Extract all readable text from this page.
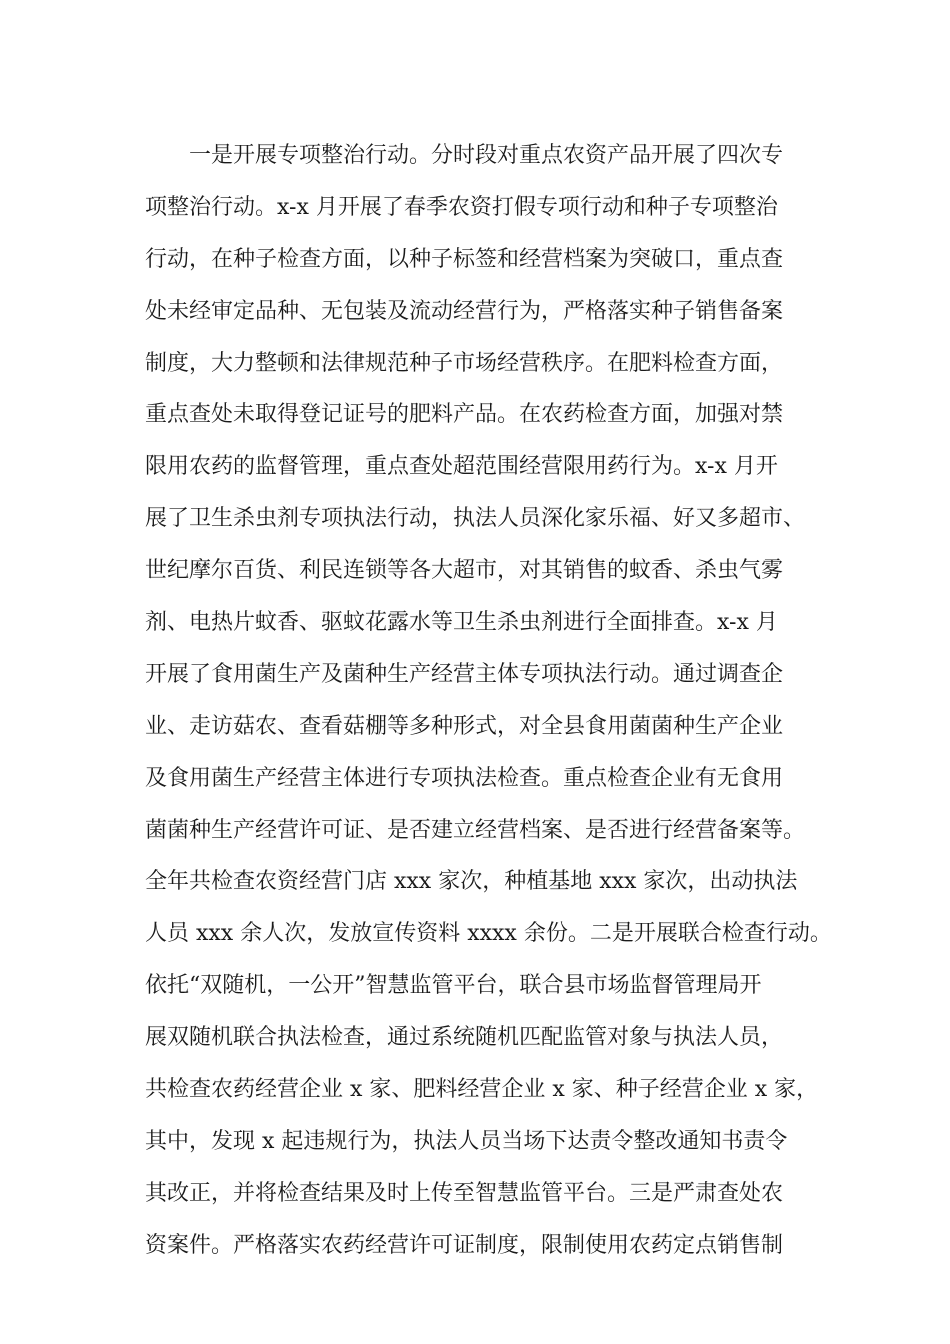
一是开展专项整治行动。分时段对重点农资产品开展了四次专
项整治行动。x-x 月开展了春季农资打假专项行动和种子专项整治
行动，在种子检查方面，以种子标签和经营档案为突破口，重点查
处未经审定品种、无包装及流动经营行为，严格落实种子销售备案
制度，大力整顿和法律规范种子市场经营秩序。在肥料检查方面，
重点查处未取得登记证号的肥料产品。在农药检查方面，加强对禁
限用农药的监督管理，重点查处超范围经营限用药行为。x-x 月开
展了卫生杀虫剂专项执法行动，执法人员深化家乐福、好又多超市、
世纪摩尔百货、利民连锁等各大超市，对其销售的蚊香、杀虫气雾
剂、电热片蚊香、驱蚊花露水等卫生杀虫剂进行全面排查。x-x 月
开展了食用菌生产及菌种生产经营主体专项执法行动。通过调查企
业、走访菇农、查看菇棚等多种形式，对全县食用菌菌种生产企业
及食用菌生产经营主体进行专项执法检查。重点检查企业有无食用
菌菌种生产经营许可证、是否建立经营档案、是否进行经营备案等。
全年共检查农资经营门店 xxx 家次，种植基地 xxx 家次，出动执法
人员 xxx 余人次，发放宣传资料 xxxx 余份。二是开展联合检查行动。
依托“双随机，一公开”智慧监管平台，联合县市场监督管理局开
展双随机联合执法检查，通过系统随机匹配监管对象与执法人员，
共检查农药经营企业 x 家、肥料经营企业 x 家、种子经营企业 x 家，
其中，发现 x 起违规行为，执法人员当场下达责令整改通知书责令
其改正，并将检查结果及时上传至智慧监管平台。三是严肃查处农
资案件。严格落实农药经营许可证制度，限制使用农药定点销售制
